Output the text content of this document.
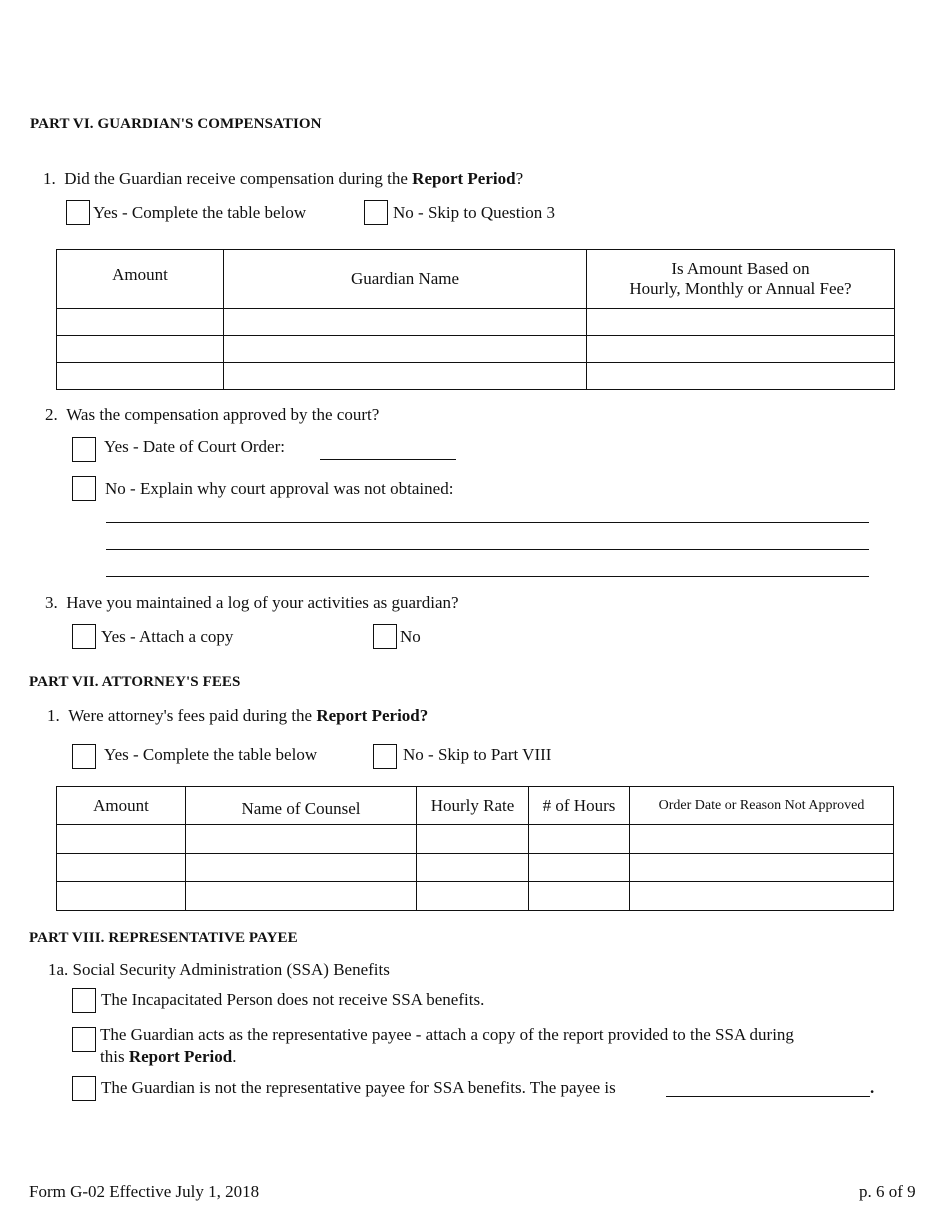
PART VI. GUARDIAN'S COMPENSATION
1. Did the Guardian receive compensation during the Report Period?
Yes - Complete the table below	No - Skip to Question 3
Amount	Guardian Name	Is Amount Based on
Hourly, Monthly or Annual Fee?

2. Was the compensation approved by the court?
Yes - Date of Court Order:
No - Explain why court approval was not obtained:
3. Have you maintained a log of your activities as guardian?
Yes - Attach a copy	No
PART VII. ATTORNEY'S FEES
1. Were attorney's fees paid during the Report Period?
Yes - Complete the table below	No - Skip to Part VIII
Amount	Name of Counsel	Hourly Rate	# of Hours	Order Date or Reason Not Approved

PART VIII. REPRESENTATIVE PAYEE
1a. Social Security Administration (SSA) Benefits
The Incapacitated Person does not receive SSA benefits.
The Guardian acts as the representative payee - attach a copy of the report provided to the SSA during
this Report Period.
The Guardian is not the representative payee for SSA benefits. The payee is	.
Form G-02 Effective July 1, 2018	p. 6 of 9
